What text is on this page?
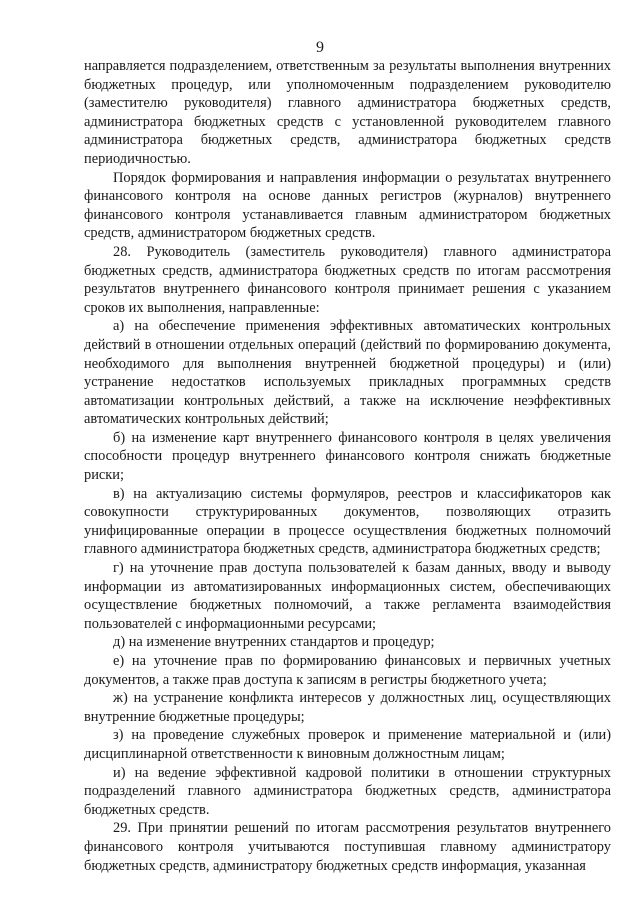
9

направляется подразделением, ответственным за результаты выполнения внутренних бюджетных процедур, или уполномоченным подразделением руководителю (заместителю руководителя) главного администратора бюджетных средств, администратора бюджетных средств с установленной руководителем главного администратора бюджетных средств, администратора бюджетных средств периодичностью.

Порядок формирования и направления информации о результатах внутреннего финансового контроля на основе данных регистров (журналов) внутреннего финансового контроля устанавливается главным администратором бюджетных средств, администратором бюджетных средств.

28. Руководитель (заместитель руководителя) главного администратора бюджетных средств, администратора бюджетных средств по итогам рассмотрения результатов внутреннего финансового контроля принимает решения с указанием сроков их выполнения, направленные:

а) на обеспечение применения эффективных автоматических контрольных действий в отношении отдельных операций (действий по формированию документа, необходимого для выполнения внутренней бюджетной процедуры) и (или) устранение недостатков используемых прикладных программных средств автоматизации контрольных действий, а также на исключение неэффективных автоматических контрольных действий;

б) на изменение карт внутреннего финансового контроля в целях увеличения способности процедур внутреннего финансового контроля снижать бюджетные риски;

в) на актуализацию системы формуляров, реестров и классификаторов как совокупности структурированных документов, позволяющих отразить унифицированные операции в процессе осуществления бюджетных полномочий главного администратора бюджетных средств, администратора бюджетных средств;

г) на уточнение прав доступа пользователей к базам данных, вводу и выводу информации из автоматизированных информационных систем, обеспечивающих осуществление бюджетных полномочий, а также регламента взаимодействия пользователей с информационными ресурсами;

д) на изменение внутренних стандартов и процедур;

е) на уточнение прав по формированию финансовых и первичных учетных документов, а также прав доступа к записям в регистры бюджетного учета;

ж) на устранение конфликта интересов у должностных лиц, осуществляющих внутренние бюджетные процедуры;

з) на проведение служебных проверок и применение материальной и (или) дисциплинарной ответственности к виновным должностным лицам;

и) на ведение эффективной кадровой политики в отношении структурных подразделений главного администратора бюджетных средств, администратора бюджетных средств.

29. При принятии решений по итогам рассмотрения результатов внутреннего финансового контроля учитываются поступившая главному администратору бюджетных средств, администратору бюджетных средств информация, указанная
